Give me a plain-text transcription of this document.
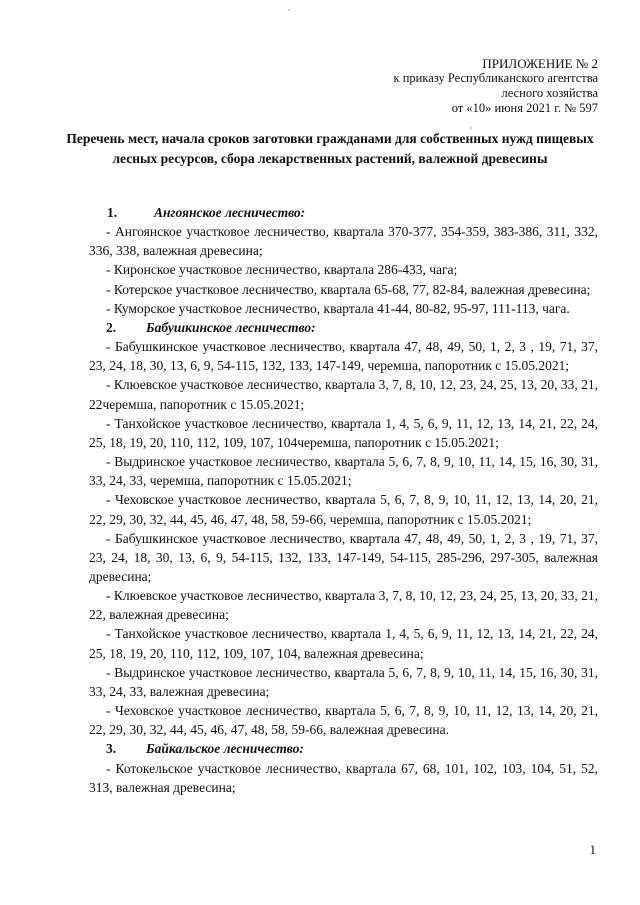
ПРИЛОЖЕНИЕ № 2
к приказу Республиканского агентства
лесного хозяйства
от «10» июня 2021 г. № 597
Перечень мест, начала сроков заготовки гражданами для собственных нужд пищевых лесных ресурсов, сбора лекарственных растений, валежной древесины
1.	Ангоянское лесничество:
- Ангоянское участковое лесничество, квартала 370-377, 354-359, 383-386, 311, 332, 336, 338, валежная древесина;
- Киронское участковое лесничество, квартала 286-433, чага;
- Котерское участковое лесничество, квартала 65-68, 77, 82-84, валежная древесина;
- Кумoрское участковое лесничество, квартала 41-44, 80-82, 95-97, 111-113, чага.
2. Бабушкинское лесничество:
- Бабушкинское участковое лесничество, квартала 47, 48, 49, 50, 1, 2, 3 , 19, 71, 37, 23, 24, 18, 30, 13, 6, 9, 54-115, 132, 133, 147-149, черемша, папоротник с 15.05.2021;
- Клюевское участковое лесничество, квартала 3, 7, 8, 10, 12, 23, 24, 25, 13, 20, 33, 21, 22черемша, папоротник с 15.05.2021;
- Танхойское участковое лесничество, квартала 1, 4, 5, 6, 9, 11, 12, 13, 14, 21, 22, 24, 25, 18, 19, 20, 110, 112, 109, 107, 104черемша, папоротник с 15.05.2021;
- Выдринское участковое лесничество, квартала 5, 6, 7, 8, 9, 10, 11, 14, 15, 16, 30, 31, 33, 24, 33, черемша, папоротник с 15.05.2021;
- Чеховское участковое лесничество, квартала 5, 6, 7, 8, 9, 10, 11, 12, 13, 14, 20, 21, 22, 29, 30, 32, 44, 45, 46, 47, 48, 58, 59-66, черемша, папоротник с 15.05.2021;
- Бабушкинское участковое лесничество, квартала 47, 48, 49, 50, 1, 2, 3 , 19, 71, 37, 23, 24, 18, 30, 13, 6, 9, 54-115, 132, 133, 147-149, 54-115, 285-296, 297-305, валежная древесина;
- Клюевское участковое лесничество, квартала 3, 7, 8, 10, 12, 23, 24, 25, 13, 20, 33, 21, 22, валежная древесина;
- Танхойское участковое лесничество, квартала 1, 4, 5, 6, 9, 11, 12, 13, 14, 21, 22, 24, 25, 18, 19, 20, 110, 112, 109, 107, 104, валежная древесина;
- Выдринское участковое лесничество, квартала 5, 6, 7, 8, 9, 10, 11, 14, 15, 16, 30, 31, 33, 24, 33, валежная древесина;
- Чеховское участковое лесничество, квартала 5, 6, 7, 8, 9, 10, 11, 12, 13, 14, 20, 21, 22, 29, 30, 32, 44, 45, 46, 47, 48, 58, 59-66, валежная древесина.
3. Байкальское лесничество:
- Котокельское участковое лесничество, квартала 67, 68, 101, 102, 103, 104, 51, 52, 313, валежная древесина;
1
